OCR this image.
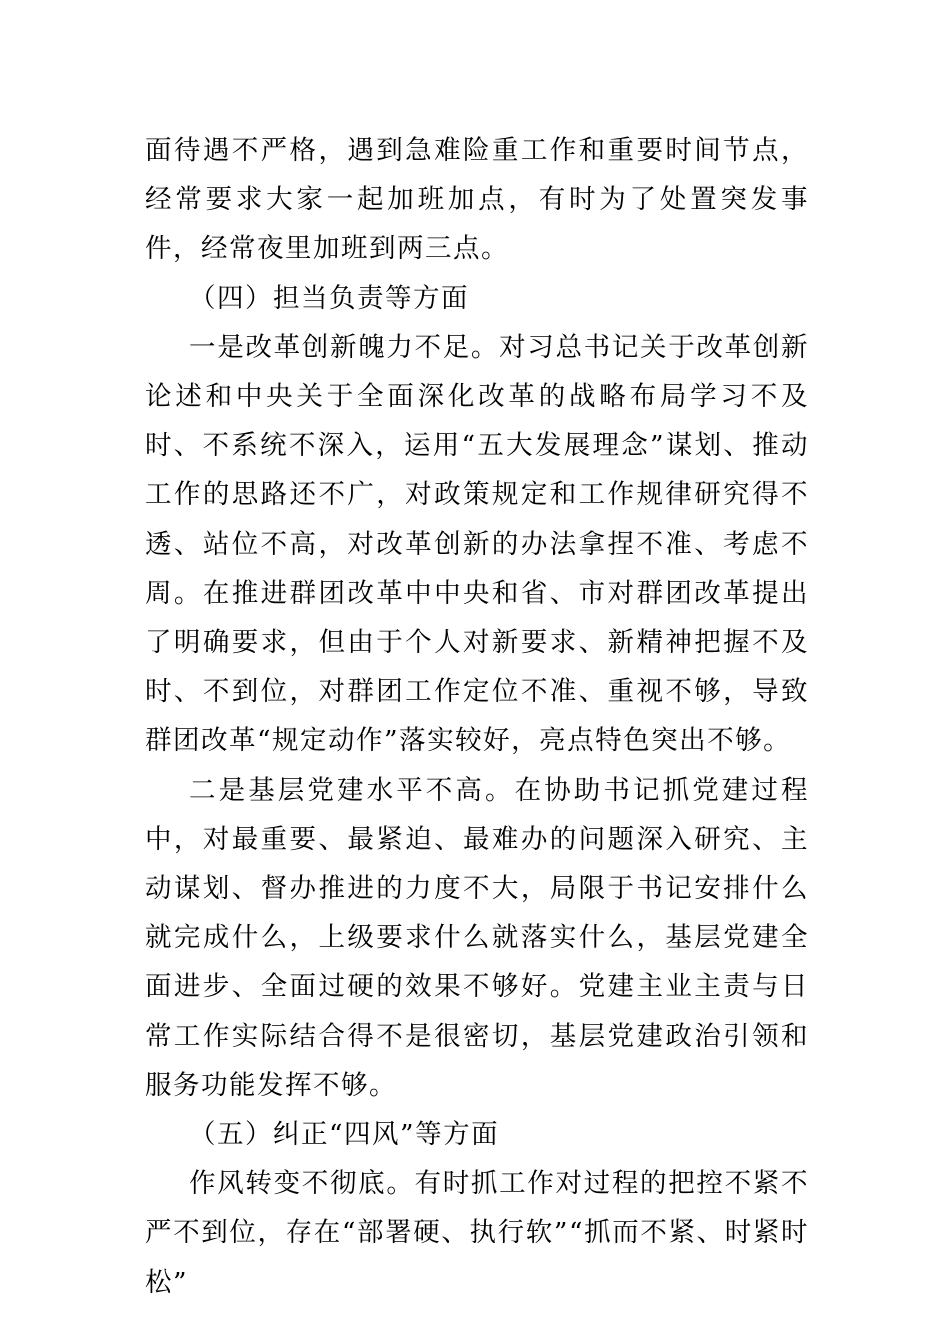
面待遇不严格，遇到急难险重工作和重要时间节点，经常要求大家一起加班加点，有时为了处置突发事件，经常夜里加班到两三点。

（四）担当负责等方面

一是改革创新魄力不足。对习总书记关于改革创新论述和中央关于全面深化改革的战略布局学习不及时、不系统不深入，运用“五大发展理念”谋划、推动工作的思路还不广，对政策规定和工作规律研究得不透、站位不高，对改革创新的办法拿捏不准、考虑不周。在推进群团改革中中央和省、市对群团改革提出了明确要求，但由于个人对新要求、新精神把握不及时、不到位，对群团工作定位不准、重视不够，导致群团改革“规定动作”落实较好，亮点特色突出不够。

二是基层党建水平不高。在协助书记抓党建过程中，对最重要、最紧迫、最难办的问题深入研究、主动谋划、督办推进的力度不大，局限于书记安排什么就完成什么，上级要求什么就落实什么，基层党建全面进步、全面过硬的效果不够好。党建主业主责与日常工作实际结合得不是很密切，基层党建政治引领和服务功能发挥不够。

（五）纠正“四风”等方面

作风转变不彻底。有时抓工作对过程的把控不紧不严不到位，存在“部署硬、执行软”“抓而不紧、时紧时松”
